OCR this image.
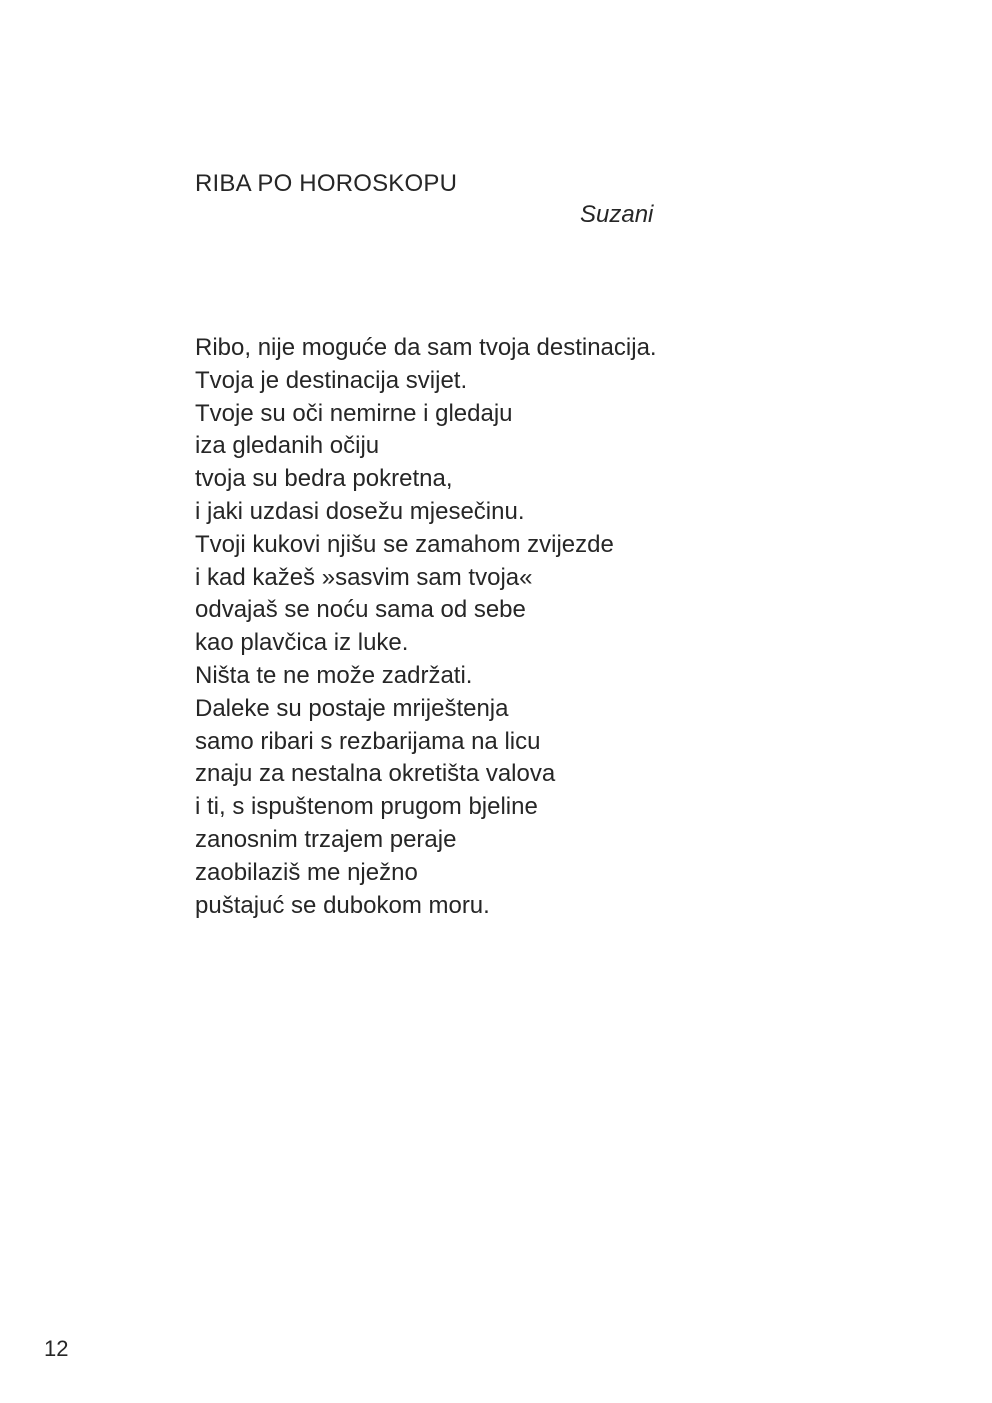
RIBA PO HOROSKOPU
Suzani
Ribo, nije moguće da sam tvoja destinacija.
Tvoja je destinacija svijet.
Tvoje su oči nemirne i gledaju
iza gledanih očiju
tvoja su bedra pokretna,
i jaki uzdasi dosežu mjesečinu.
Tvoji kukovi njišu se zamahom zvijezde
i kad kažeš »sasvim sam tvoja«
odvajaš se noću sama od sebe
kao plavčica iz luke.
Ništa te ne može zadržati.
Daleke su postaje mriještenja
samo ribari s rezbarijama na licu
znaju za nestalna okretišta valova
i ti, s ispuštenom prugom bjeline
zanosnim trzajem peraje
zaobilaziš me nježno
puštajuć se dubokom moru.
12
